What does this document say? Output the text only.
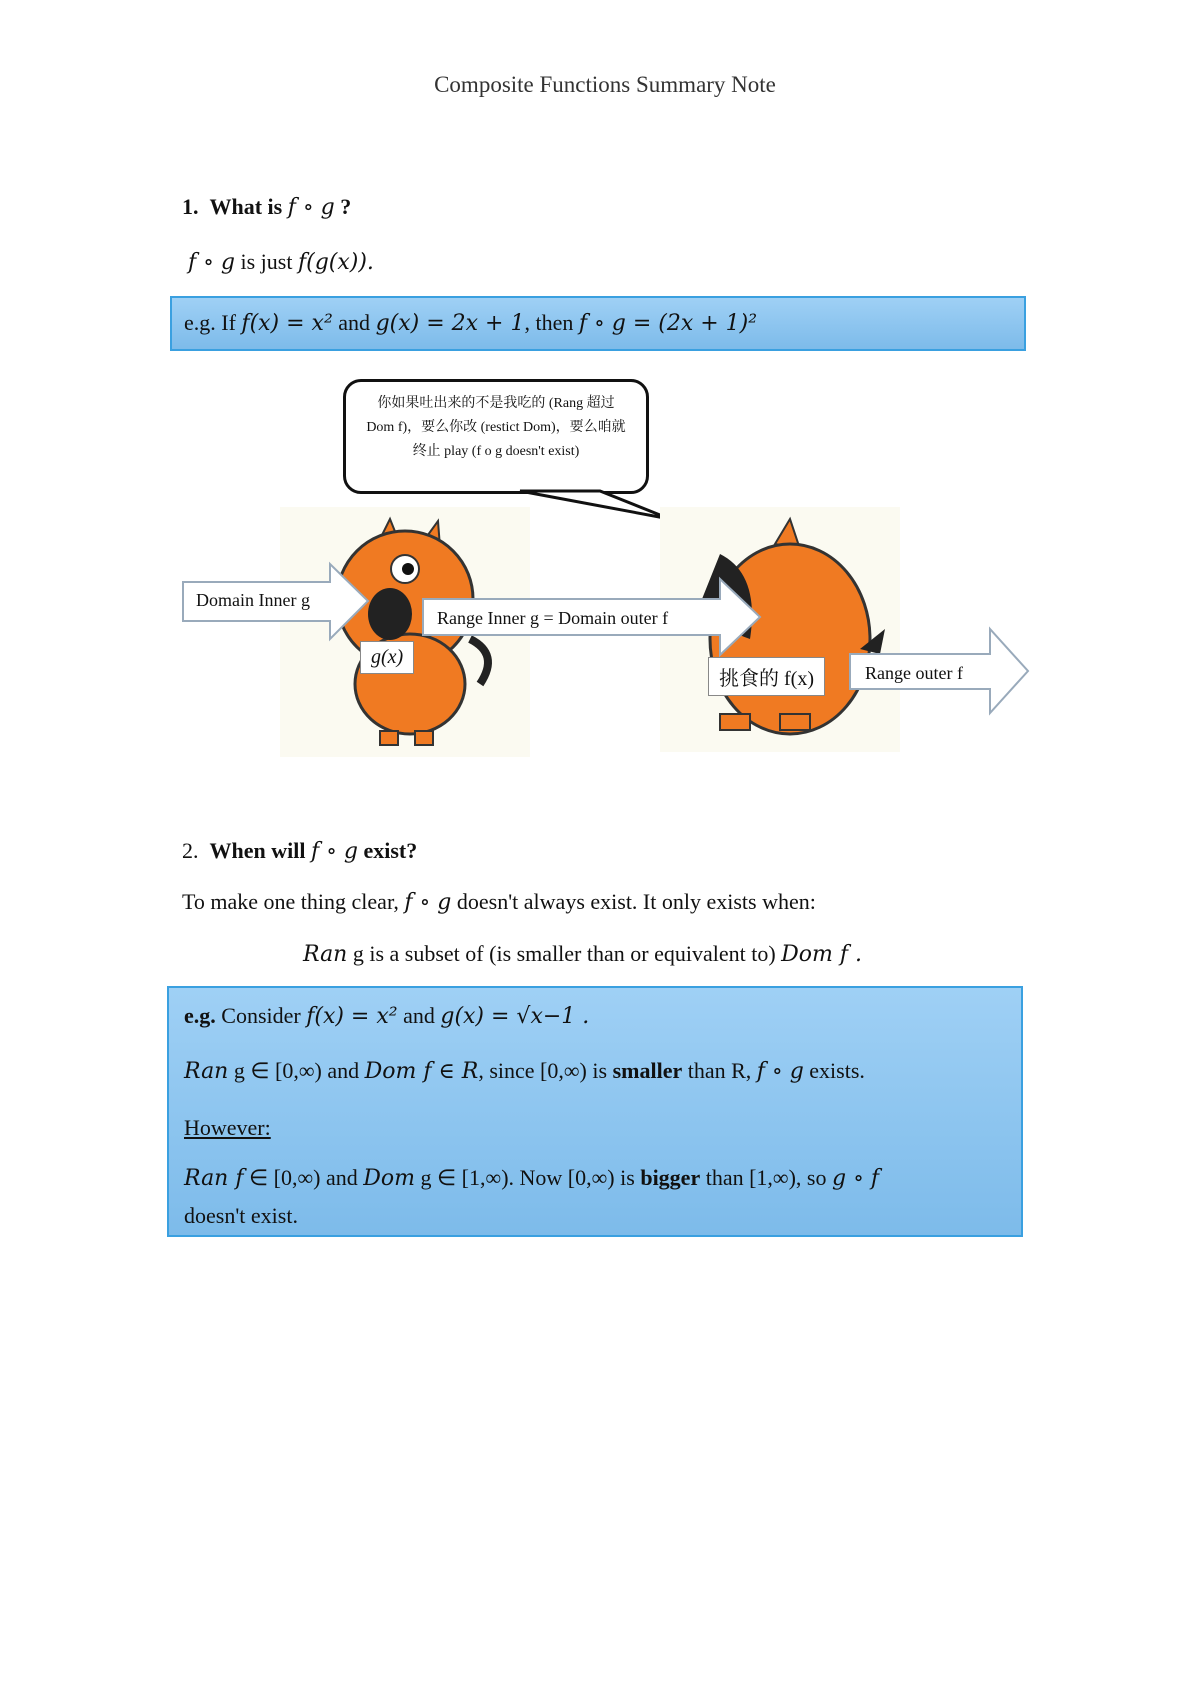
Composite Functions Summary Note
1. What is f ∘ g ?
f ∘ g is just f(g(x)).
e.g. If f(x) = x² and g(x) = 2x + 1, then f ∘ g = (2x + 1)²
你如果吐出来的不是我吃的 (Rang 超过 Dom f)，要么你改 (restict Dom)，要么咱就终止 play (f o g doesn't exist)
Domain Inner g
Range Inner g = Domain outer f
g(x)
挑食的 f(x)	Range outer f
2. When will f ∘ g exist?
To make one thing clear, f ∘ g doesn't always exist. It only exists when:
Ran g is a subset of (is smaller than or equivalent to) Dom f .
e.g. Consider f(x) = x² and g(x) = √x−1 .
Ran g ∈ [0,∞) and Dom f ∈ R, since [0,∞) is smaller than R, f ∘ g exists.
However:
Ran f ∈ [0,∞) and Dom g ∈ [1,∞). Now [0,∞) is bigger than [1,∞), so g ∘ f
doesn't exist.
